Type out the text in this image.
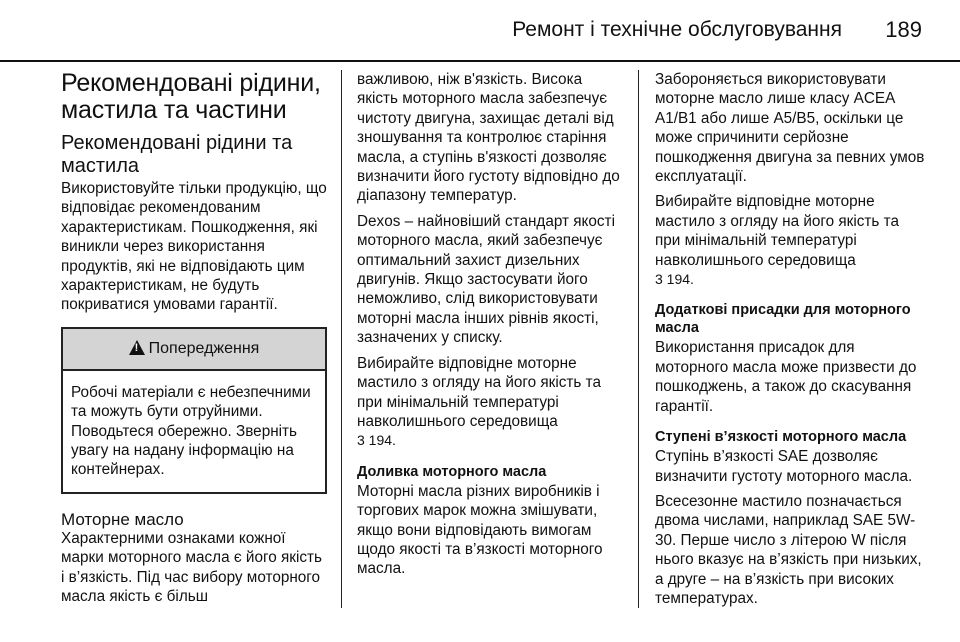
Ремонт і технічне обслуговування 189
Рекомендовані рідини, мастила та частини
Рекомендовані рідини та мастила

Використовуйте тільки продукцію, що відповідає рекомендованим характеристикам. Пошкодження, які виникли через використання продуктів, які не відповідають цим характеристикам, не будуть покриватися умовами гарантії.

!Попередження
Робочі матеріали є небезпечними та можуть бути отруйними. Поводьтеся обережно. Зверніть увагу на надану інформацію на контейнерах.
Моторне масло

Характерними ознаками кожної марки моторного масла є його якість і в’язкість. Під час вибору моторного масла якість є більш

важливою, ніж в'язкість. Висока якість моторного масла забезпечує чистоту двигуна, захищає деталі від зношування та контролює старіння масла, а ступінь в'язкості дозволяє визначити його густоту відповідно до діапазону температур.

Dexos – найновіший стандарт якості моторного масла, який забезпечує оптимальний захист дизельних двигунів. Якщо застосувати його неможливо, слід використовувати моторні масла інших рівнів якості, зазначених у списку.

Вибирайте відповідне моторне мастило з огляду на його якість та при мінімальній температурі навколишнього середовища
3 194.

Доливка моторного масла

Моторні масла різних виробників і торгових марок можна змішувати, якщо вони відповідають вимогам щодо якості та в’язкості моторного масла.

Забороняється використовувати моторне масло лише класу ACEA A1/B1 або лише A5/B5, оскільки це може спричинити серйозне пошкодження двигуна за певних умов експлуатації.

Вибирайте відповідне моторне мастило з огляду на його якість та при мінімальній температурі навколишнього середовища
3 194.

Додаткові присадки для моторного масла

Використання присадок для моторного масла може призвести до пошкоджень, а також до скасування гарантії.

Ступені в’язкості моторного масла

Ступінь в’язкості SAE дозволяє визначити густоту моторного масла.

Всесезонне мастило позначається двома числами, наприклад SAE 5W-30. Перше число з літерою W після нього вказує на в’язкість при низьких, а друге – на в’язкість при високих температурах.
